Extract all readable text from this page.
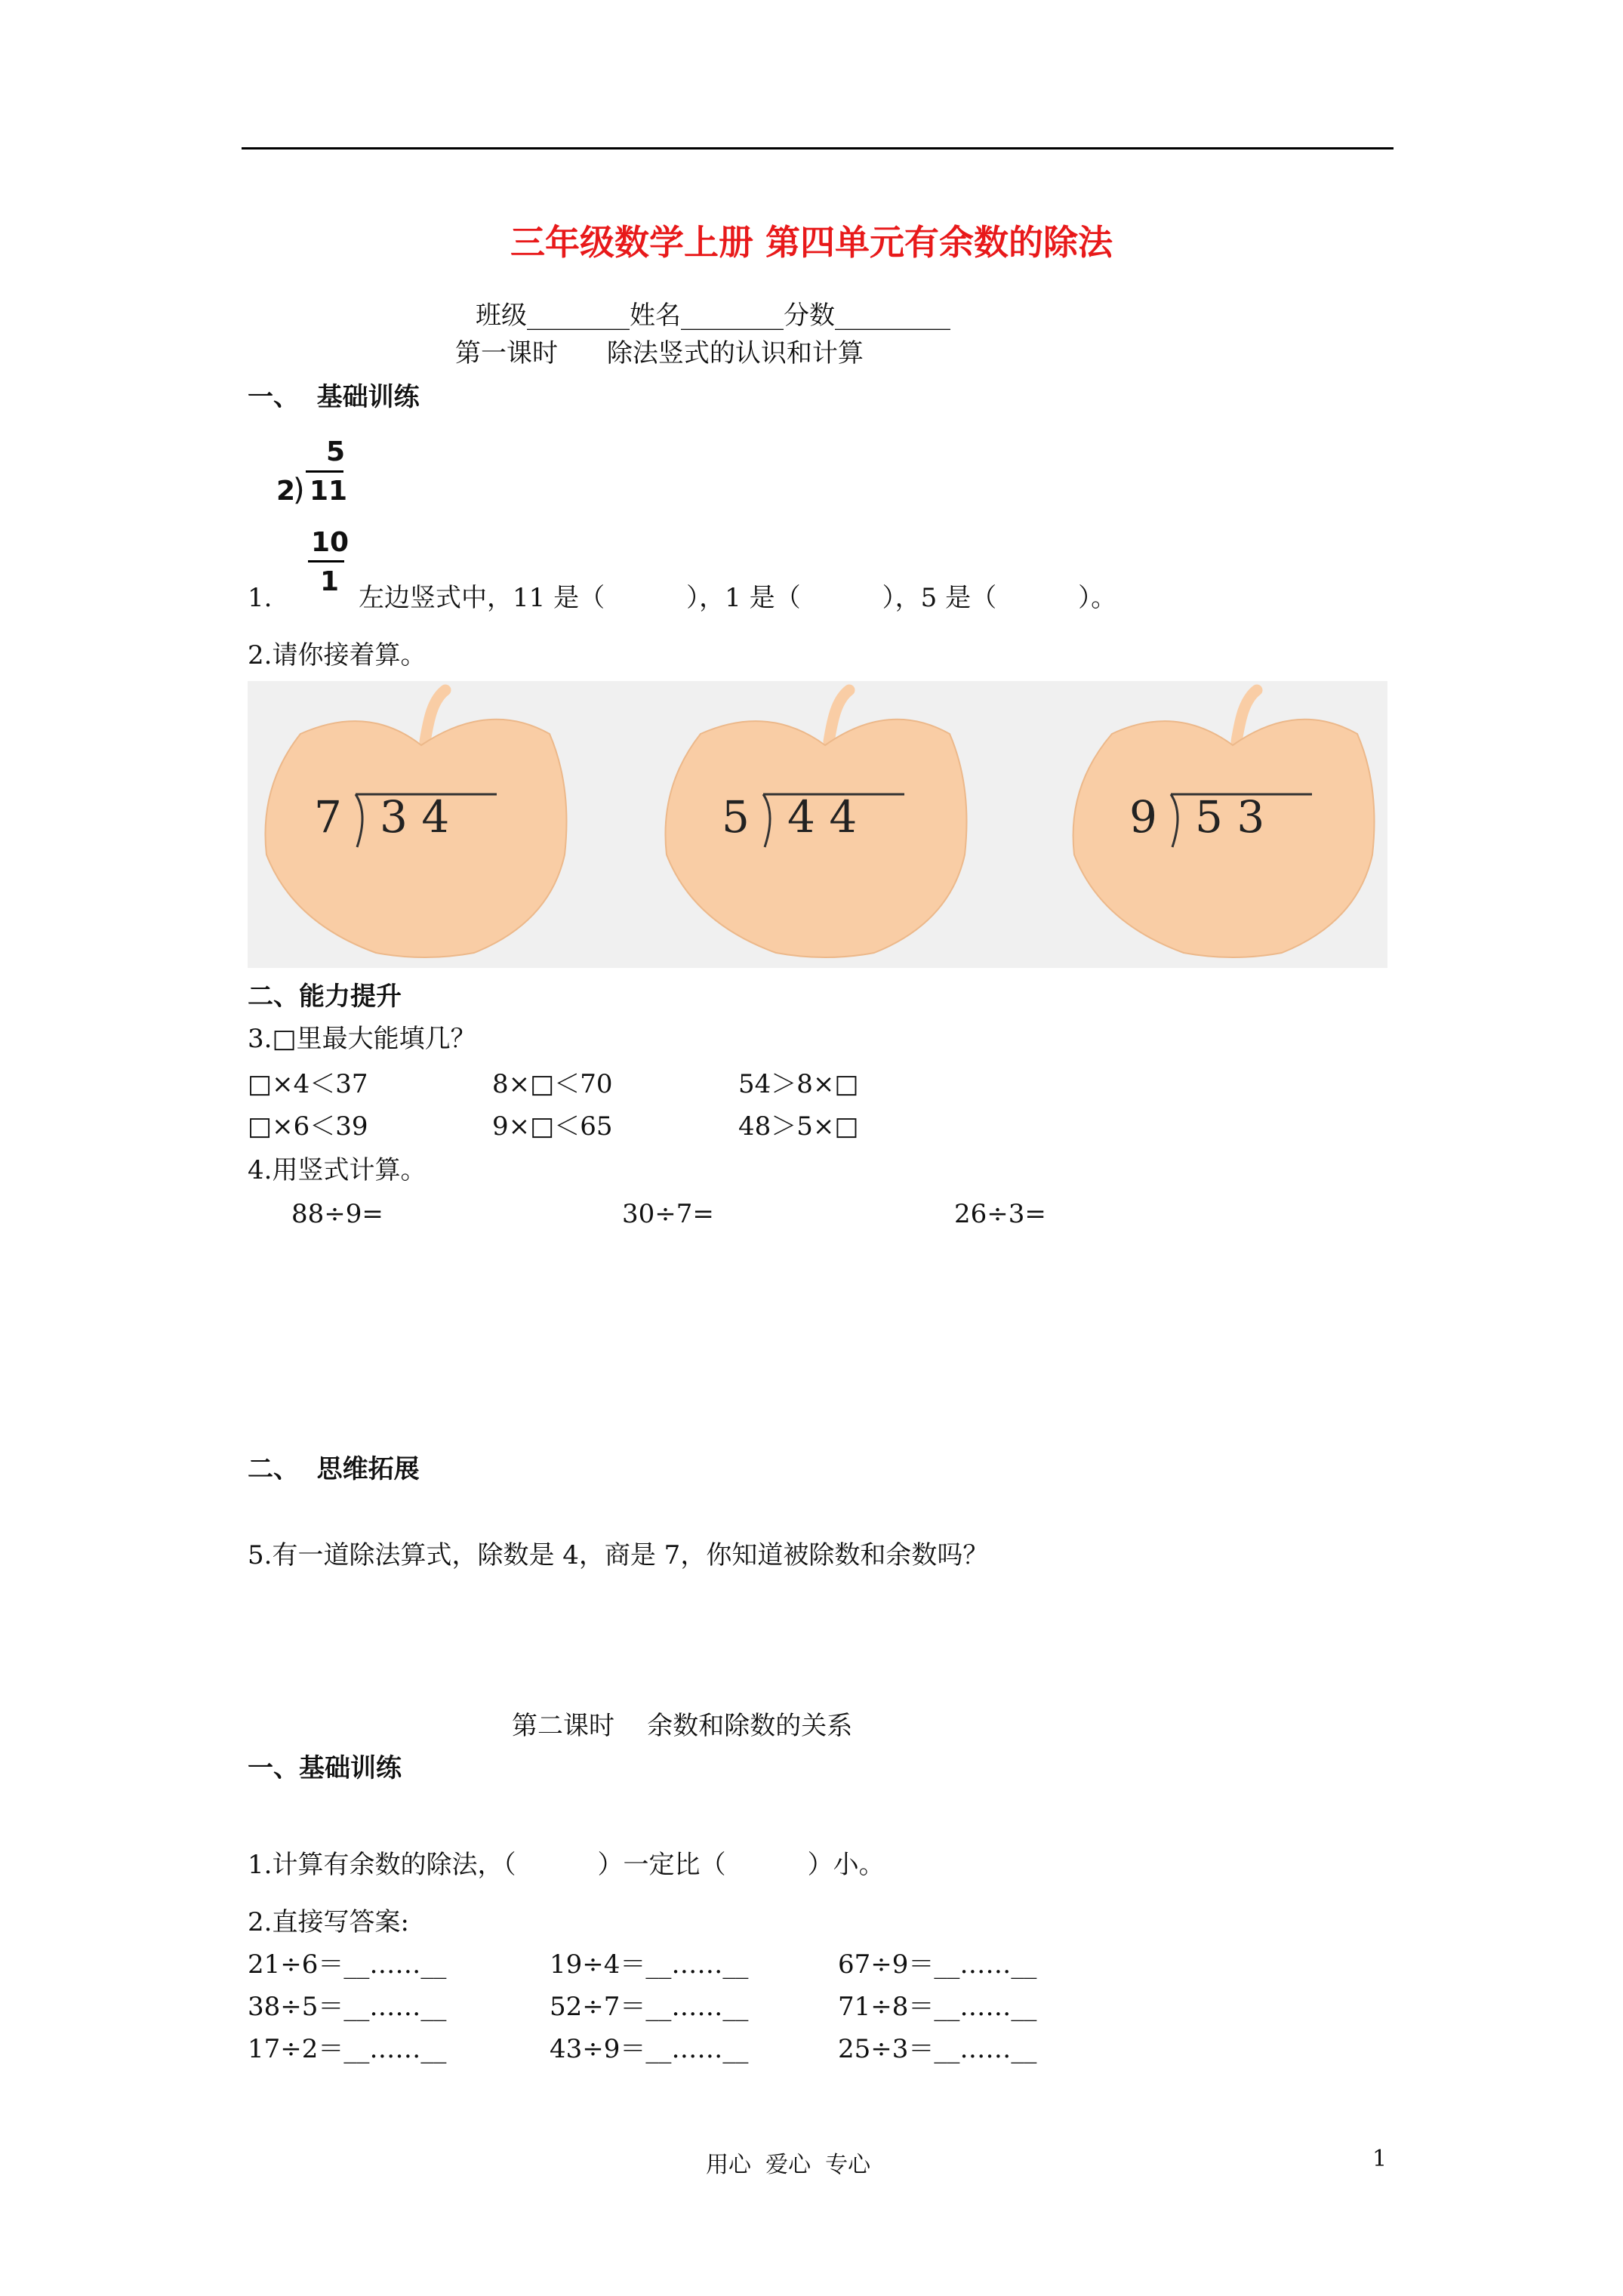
三年级数学上册 第四单元有余数的除法
班级________姓名________分数_________
第一课时      除法竖式的认识和计算
一、  基础训练
5
2
) 11
10
1
1.	左边竖式中，11 是（          ），1 是（          ），5 是（          ）。
2.请你接着算。
7 3 4	5 4 4	9 5 3
二、能力提升
3.□里最大能填几？
□×4＜37	8×□＜70	54＞8×□
□×6＜39	9×□＜65	48＞5×□
4.用竖式计算。
88÷9=	30÷7=	26÷3=
二、  思维拓展
5.有一道除法算式，除数是 4，商是 7，你知道被除数和余数吗？
第二课时    余数和除数的关系
一、基础训练
1.计算有余数的除法，（          ）一定比（          ）小。
2.直接写答案:
21÷6＝__……__	19÷4＝__……__	67÷9＝__……__
38÷5＝__……__	52÷7＝__……__	71÷8＝__……__
17÷2＝__……__	43÷9＝__……__	25÷3＝__……__
用心  爱心  专心	1
